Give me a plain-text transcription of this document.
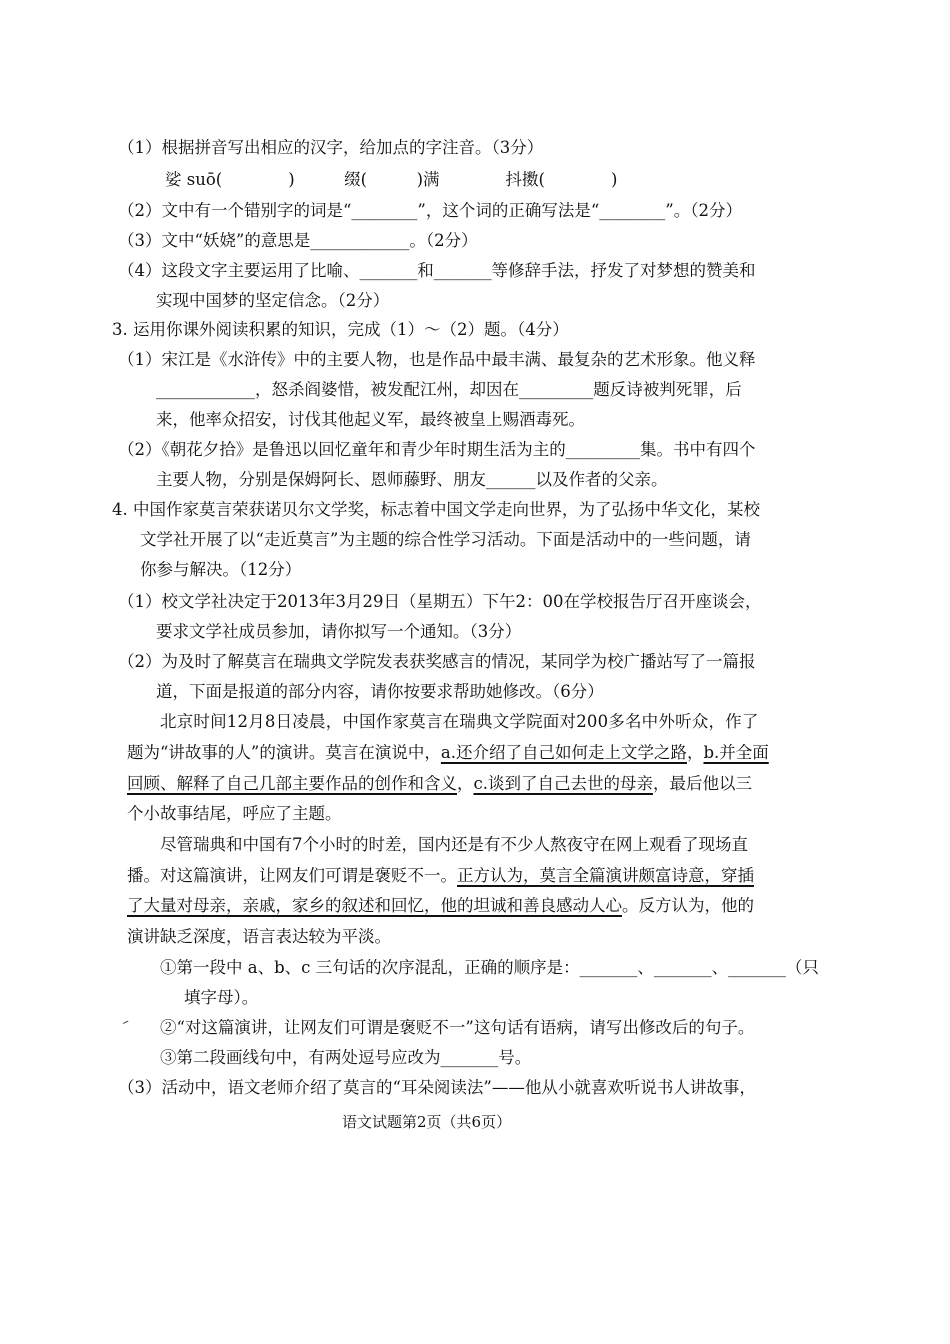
（1）根据拼音写出相应的汉字，给加点的字注音。（3分）
娑 suō(　　　　)　　　缀(　　　)满　　　　抖擞(　　　　)
（2）文中有一个错别字的词是“________”，这个词的正确写法是“________”。（2分）
（3）文中“妖娆”的意思是____________。（2分）
（4）这段文字主要运用了比喻、_______和_______等修辞手法，抒发了对梦想的赞美和
实现中国梦的坚定信念。（2分）
3. 运用你课外阅读积累的知识，完成（1）～（2）题。（4分）
（1）宋江是《水浒传》中的主要人物，也是作品中最丰满、最复杂的艺术形象。他义释
____________，怒杀阎婆惜，被发配江州，却因在_________题反诗被判死罪，后
来，他率众招安，讨伐其他起义军，最终被皇上赐酒毒死。
（2）《朝花夕拾》是鲁迅以回忆童年和青少年时期生活为主的_________集。书中有四个
主要人物，分别是保姆阿长、恩师藤野、朋友______以及作者的父亲。
4. 中国作家莫言荣获诺贝尔文学奖，标志着中国文学走向世界，为了弘扬中华文化，某校
文学社开展了以“走近莫言”为主题的综合性学习活动。下面是活动中的一些问题，请
你参与解决。（12分）
（1）校文学社决定于2013年3月29日（星期五）下午2：00在学校报告厅召开座谈会，
要求文学社成员参加，请你拟写一个通知。（3分）
（2）为及时了解莫言在瑞典文学院发表获奖感言的情况，某同学为校广播站写了一篇报
道，下面是报道的部分内容，请你按要求帮助她修改。（6分）
北京时间12月8日凌晨，中国作家莫言在瑞典文学院面对200多名中外听众，作了
题为“讲故事的人”的演讲。莫言在演说中，a.还介绍了自己如何走上文学之路，b.并全面
回顾、解释了自己几部主要作品的创作和含义，c.谈到了自己去世的母亲，最后他以三
个小故事结尾，呼应了主题。
尽管瑞典和中国有7个小时的时差，国内还是有不少人熬夜守在网上观看了现场直
播。对这篇演讲，让网友们可谓是褒贬不一。正方认为，莫言全篇演讲颇富诗意，穿插
了大量对母亲，亲戚，家乡的叙述和回忆，他的坦诚和善良感动人心。反方认为，他的
演讲缺乏深度，语言表达较为平淡。
①第一段中 a、b、c 三句话的次序混乱，正确的顺序是：_______、_______、_______（只
填字母）。
– ②“对这篇演讲，让网友们可谓是褒贬不一”这句话有语病，请写出修改后的句子。
③第二段画线句中，有两处逗号应改为_______号。
（3）活动中，语文老师介绍了莫言的“耳朵阅读法”——他从小就喜欢听说书人讲故事，
语文试题第2页（共6页）
